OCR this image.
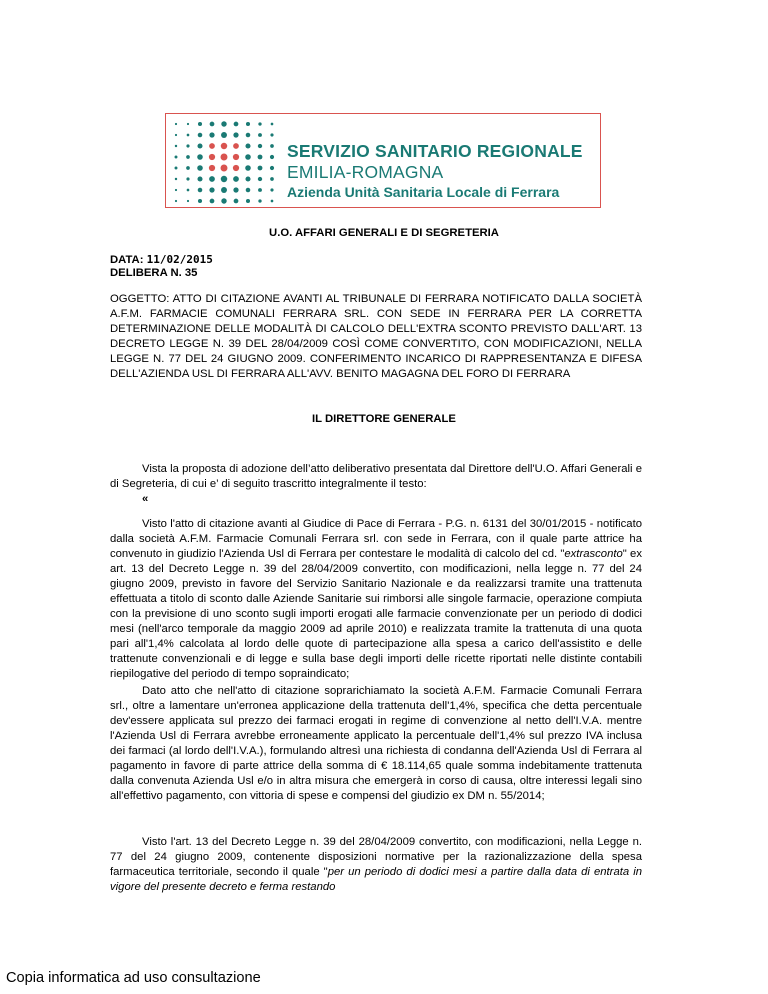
SERVIZIO SANITARIO REGIONALE
EMILIA-ROMAGNA
Azienda Unità Sanitaria Locale di Ferrara
U.O. AFFARI GENERALI E DI SEGRETERIA
DATA: 11/02/2015
DELIBERA N. 35
OGGETTO: ATTO DI CITAZIONE AVANTI AL TRIBUNALE DI FERRARA NOTIFICATO DALLA SOCIETÀ A.F.M. FARMACIE COMUNALI FERRARA SRL. CON SEDE IN FERRARA PER LA CORRETTA DETERMINAZIONE DELLE MODALITÀ DI CALCOLO DELL'EXTRA SCONTO PREVISTO DALL'ART. 13 DECRETO LEGGE N. 39 DEL 28/04/2009 COSÌ COME CONVERTITO, CON MODIFICAZIONI, NELLA LEGGE N. 77 DEL 24 GIUGNO 2009. CONFERIMENTO INCARICO DI RAPPRESENTANZA E DIFESA DELL'AZIENDA USL DI FERRARA ALL'AVV. BENITO MAGAGNA DEL FORO DI FERRARA
IL DIRETTORE GENERALE

Vista la proposta di adozione dell’atto deliberativo presentata dal Direttore dell'U.O. Affari Generali e di Segreteria, di cui e’ di seguito trascritto integralmente il testo:

«

Visto l'atto di citazione avanti al Giudice di Pace di Ferrara - P.G. n. 6131 del 30/01/2015 - notificato dalla società A.F.M. Farmacie Comunali Ferrara srl. con sede in Ferrara, con il quale parte attrice ha convenuto in giudizio l'Azienda Usl di Ferrara per contestare le modalità di calcolo del cd. "extrasconto" ex art. 13 del Decreto Legge n. 39 del 28/04/2009 convertito, con modificazioni, nella legge n. 77 del 24 giugno 2009, previsto in favore del Servizio Sanitario Nazionale e da realizzarsi tramite una trattenuta effettuata a titolo di sconto dalle Aziende Sanitarie sui rimborsi alle singole farmacie, operazione compiuta con la previsione di uno sconto sugli importi erogati alle farmacie convenzionate per un periodo di dodici mesi (nell'arco temporale da maggio 2009 ad aprile 2010) e realizzata tramite la trattenuta di una quota pari all'1,4% calcolata al lordo delle quote di partecipazione alla spesa a carico dell'assistito e delle trattenute convenzionali e di legge e sulla base degli importi delle ricette riportati nelle distinte contabili riepilogative del periodo di tempo sopraindicato;

Dato atto che nell'atto di citazione soprarichiamato la società A.F.M. Farmacie Comunali Ferrara srl., oltre a lamentare un'erronea applicazione della trattenuta dell'1,4%, specifica che detta percentuale dev'essere applicata sul prezzo dei farmaci erogati in regime di convenzione al netto dell'I.V.A. mentre l'Azienda Usl di Ferrara avrebbe erroneamente applicato la percentuale dell'1,4% sul prezzo IVA inclusa dei farmaci (al lordo dell'I.V.A.), formulando altresì una richiesta di condanna dell'Azienda Usl di Ferrara al pagamento in favore di parte attrice della somma di € 18.114,65 quale somma indebitamente trattenuta dalla convenuta Azienda Usl e/o in altra misura che emergerà in corso di causa, oltre interessi legali sino all'effettivo pagamento, con vittoria di spese e compensi del giudizio ex DM n. 55/2014;

Visto l'art. 13 del Decreto Legge n. 39 del 28/04/2009 convertito, con modificazioni, nella Legge n. 77 del 24 giugno 2009, contenente disposizioni normative per la razionalizzazione della spesa farmaceutica territoriale, secondo il quale "per un periodo di dodici mesi a partire dalla data di entrata in vigore del presente decreto e ferma restando

Copia informatica ad uso consultazione
